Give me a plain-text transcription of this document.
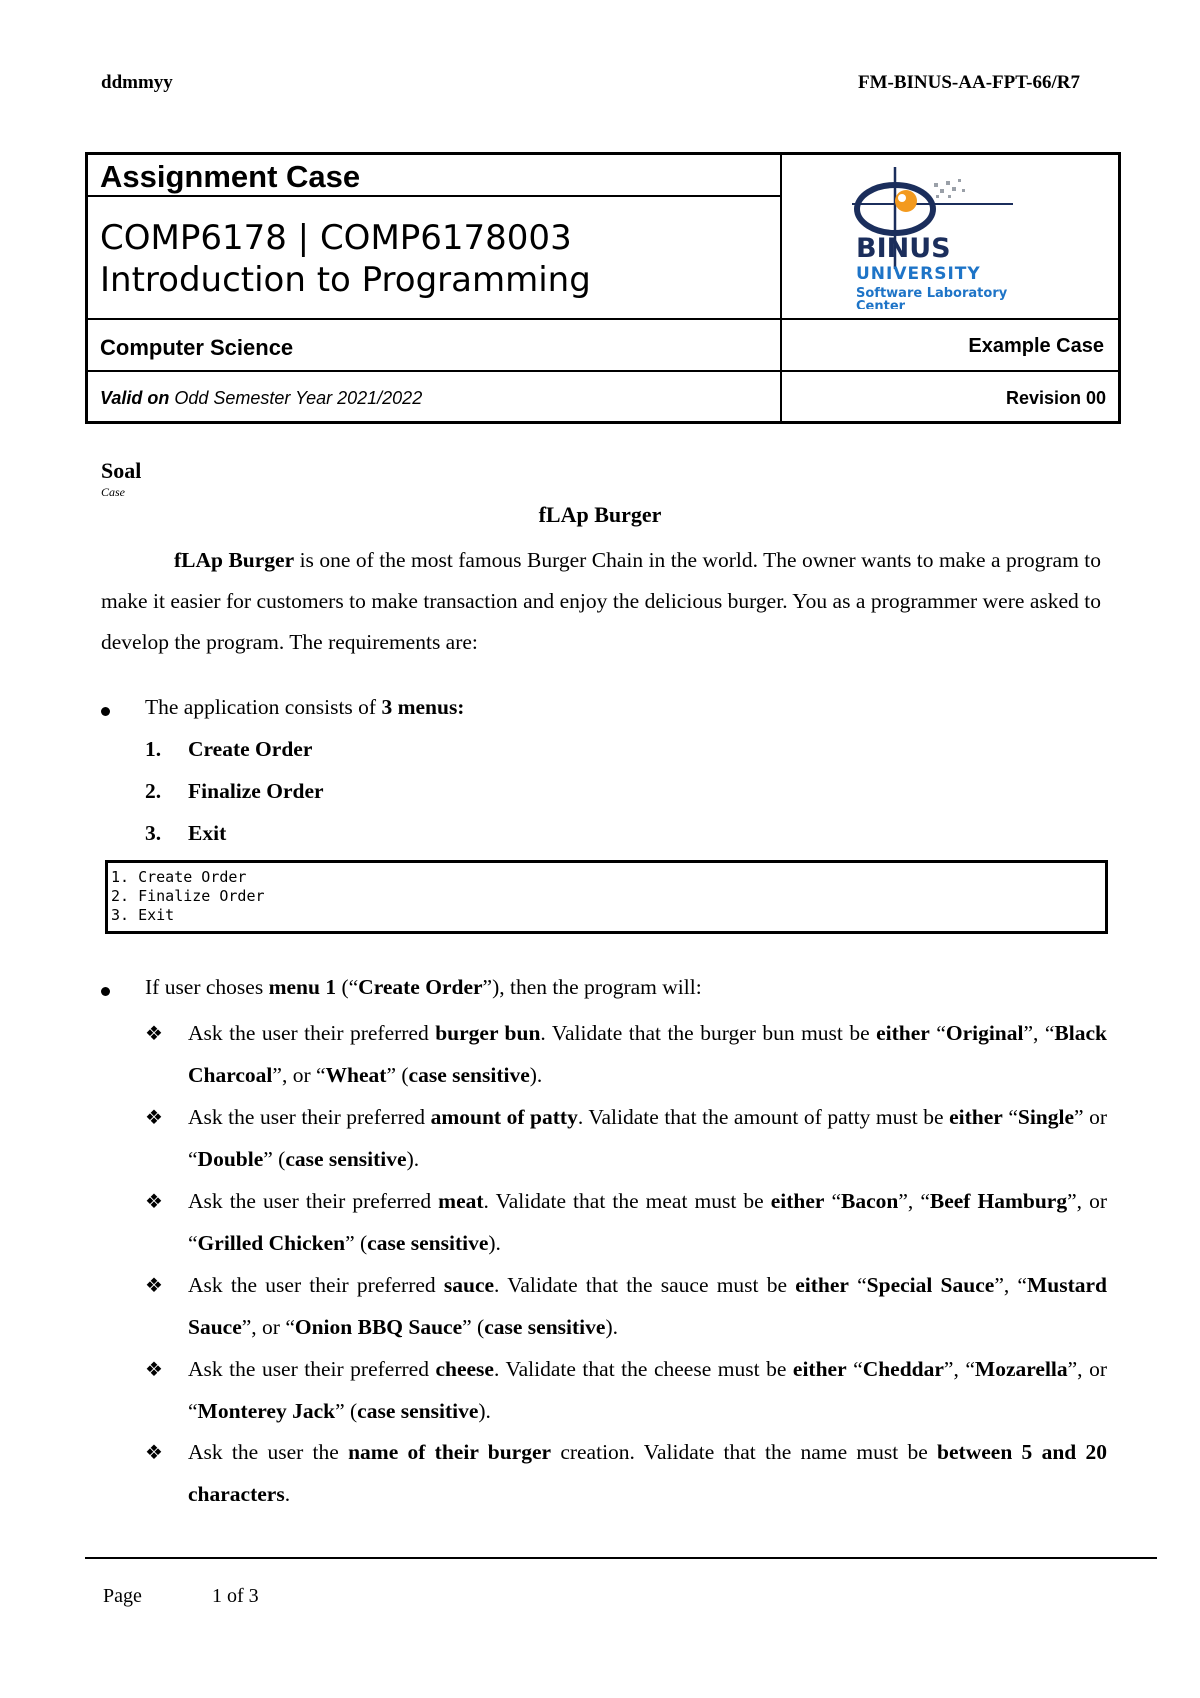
ddmmyy	FM-BINUS-AA-FPT-66/R7
Assignment Case
COMP6178 | COMP6178003
Introduction to Programming
Computer Science	Example Case
Valid on Odd Semester Year 2021/2022	Revision 00
BINUS
UNIVERSITY
Software Laboratory
Center
Soal
Case
fLAp Burger
fLAp Burger is one of the most famous Burger Chain in the world. The owner wants to make a program to make it easier for customers to make transaction and enjoy the delicious burger. You as a programmer were asked to develop the program. The requirements are:
The application consists of 3 menus:
1. Create Order
2. Finalize Order
3. Exit
1. Create Order
2. Finalize Order
3. Exit
If user choses menu 1 (“Create Order”), then the program will:
❖ Ask the user their preferred burger bun. Validate that the burger bun must be either “Original”, “Black Charcoal”, or “Wheat” (case sensitive).
❖ Ask the user their preferred amount of patty. Validate that the amount of patty must be either “Single” or “Double” (case sensitive).
❖ Ask the user their preferred meat. Validate that the meat must be either “Bacon”, “Beef Hamburg”, or “Grilled Chicken” (case sensitive).
❖ Ask the user their preferred sauce. Validate that the sauce must be either “Special Sauce”, “Mustard Sauce”, or “Onion BBQ Sauce” (case sensitive).
❖ Ask the user their preferred cheese. Validate that the cheese must be either “Cheddar”, “Mozarella”, or “Monterey Jack” (case sensitive).
❖ Ask the user the name of their burger creation. Validate that the name must be between 5 and 20 characters.
Page	1 of 3
